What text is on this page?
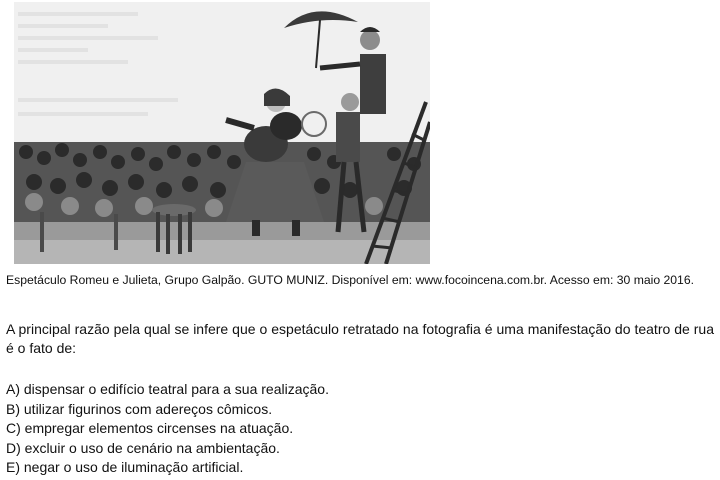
Espetáculo Romeu e Julieta, Grupo Galpão. GUTO MUNIZ. Disponível em: www.focoincena.com.br. Acesso em: 30 maio 2016.
A principal razão pela qual se infere que o espetáculo retratado na fotografia é uma manifestação do teatro de rua é o fato de:
A) dispensar o edifício teatral para a sua realização.
B) utilizar figurinos com adereços cômicos.
C) empregar elementos circenses na atuação.
D) excluir o uso de cenário na ambientação.
E) negar o uso de iluminação artificial.
